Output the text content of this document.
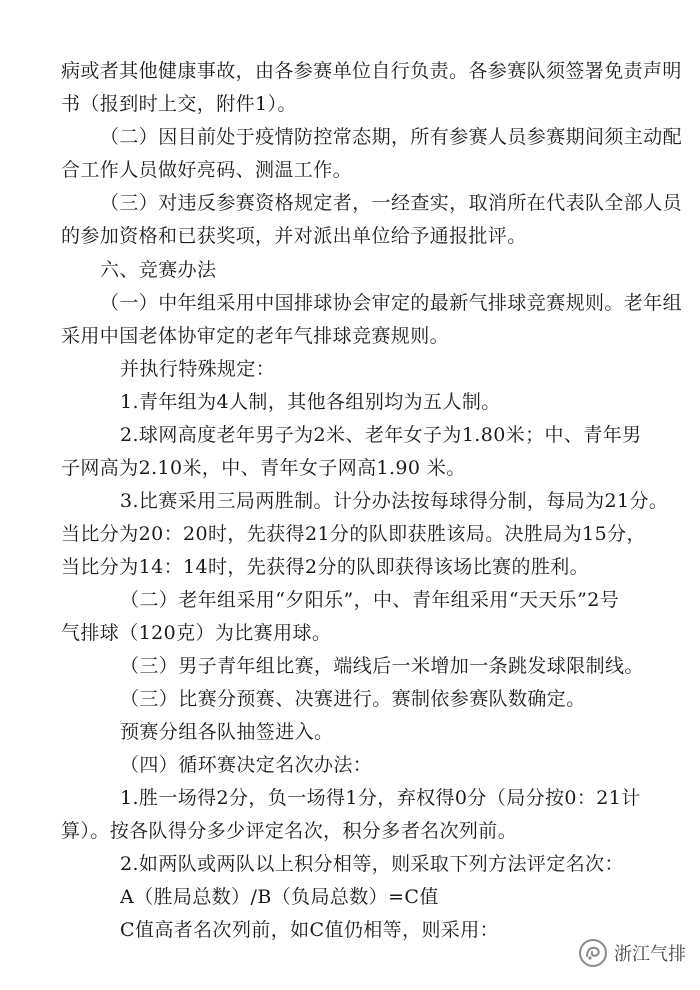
病或者其他健康事故，由各参赛单位自行负责。各参赛队须签署免责声明
书（报到时上交，附件1）。
（二）因目前处于疫情防控常态期，所有参赛人员参赛期间须主动配
合工作人员做好亮码、测温工作。
（三）对违反参赛资格规定者，一经查实，取消所在代表队全部人员
的参加资格和已获奖项，并对派出单位给予通报批评。
六、竞赛办法
（一）中年组采用中国排球协会审定的最新气排球竞赛规则。老年组
采用中国老体协审定的老年气排球竞赛规则。
并执行特殊规定：
1.青年组为4人制，其他各组别均为五人制。
2.球网高度老年男子为2米、老年女子为1.80米；中、青年男
子网高为2.10米，中、青年女子网高1.90 米。
3.比赛采用三局两胜制。计分办法按每球得分制，每局为21分。
当比分为20：20时，先获得21分的队即获胜该局。决胜局为15分，
当比分为14：14时，先获得2分的队即获得该场比赛的胜利。
（二）老年组采用“夕阳乐”，中、青年组采用“天天乐”2号
气排球（120克）为比赛用球。
（三）男子青年组比赛，端线后一米增加一条跳发球限制线。
（三）比赛分预赛、决赛进行。赛制依参赛队数确定。
预赛分组各队抽签进入。
（四）循环赛决定名次办法：
1.胜一场得2分，负一场得1分，弃权得0分（局分按0：21计
算）。按各队得分多少评定名次，积分多者名次列前。
2.如两队或两队以上积分相等，则采取下列方法评定名次：
A（胜局总数）/B（负局总数）=C值
C值高者名次列前，如C值仍相等，则采用：
浙江气排
